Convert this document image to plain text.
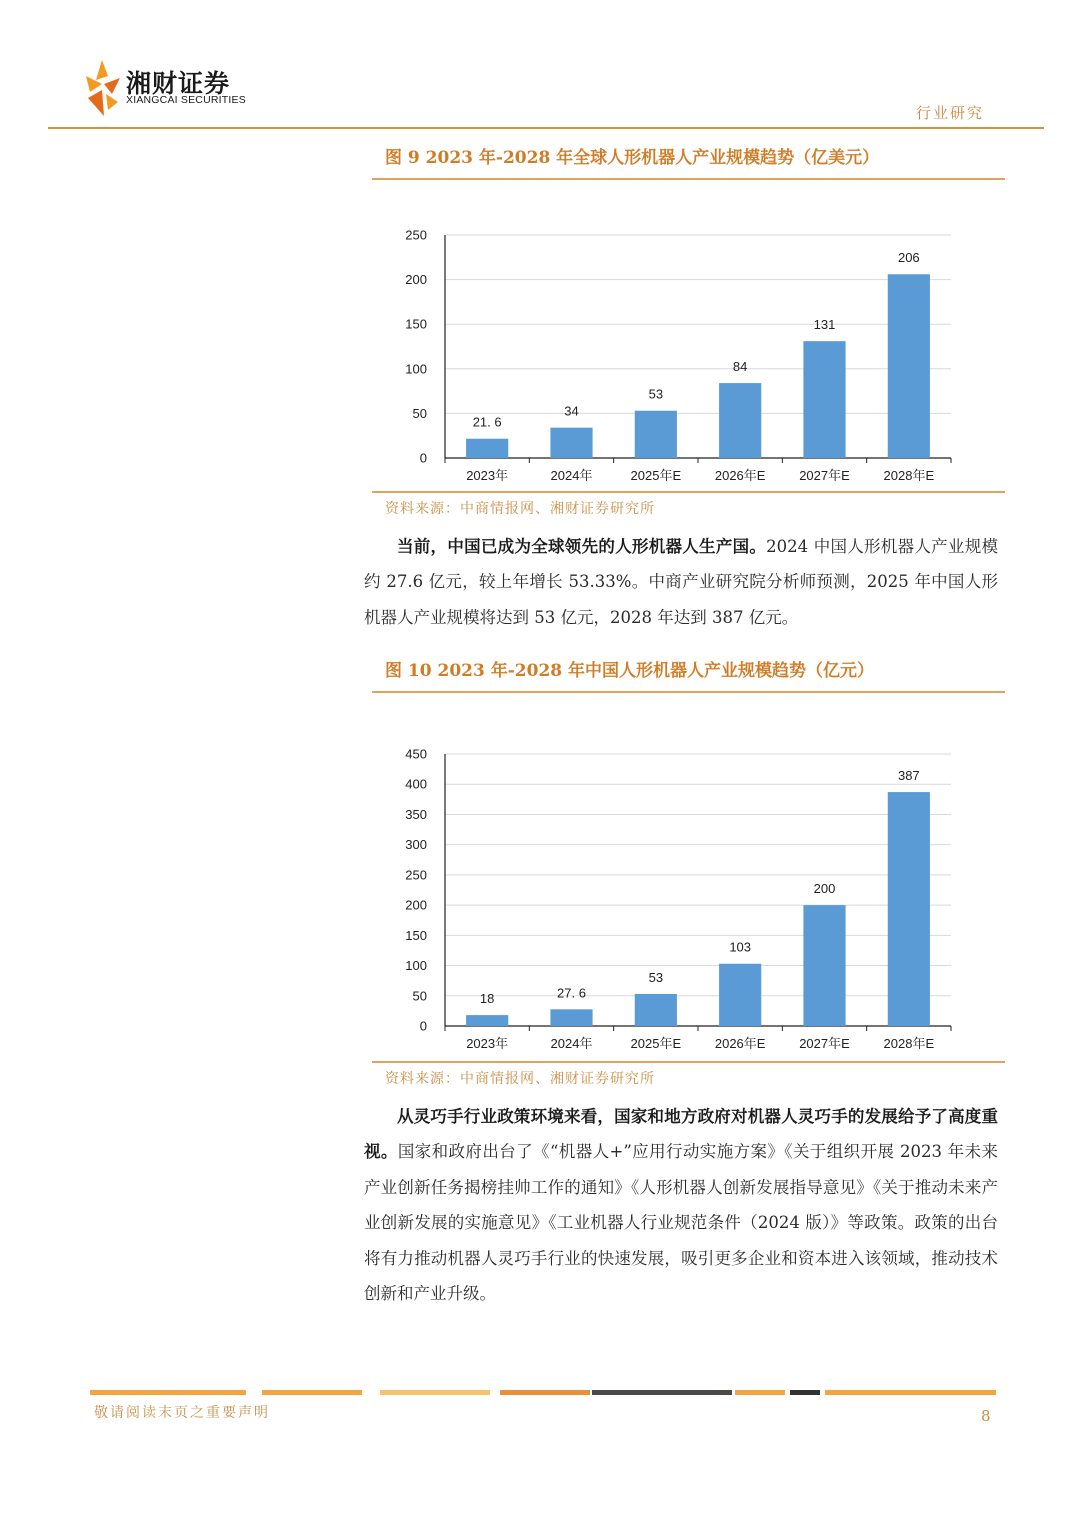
湘财证券
XIANGCAI SECURITIES
行业研究
图 9 2023 年-2028 年全球人形机器人产业规模趋势（亿美元）
0
50
100
150
200
250
21. 6
2023年
34
2024年
53
2025年E
84
2026年E
131
2027年E
206
2028年E
资料来源：中商情报网、湘财证券研究所

当前，中国已成为全球领先的人形机器人生产国。2024 中国人形机器人产业规模约 27.6 亿元，较上年增长 53.33%。中商产业研究院分析师预测，2025 年中国人形机器人产业规模将达到 53 亿元，2028 年达到 387 亿元。

图 10 2023 年-2028 年中国人形机器人产业规模趋势（亿元）
0
50
100
150
200
250
300
350
400
450
18
2023年
27. 6
2024年
53
2025年E
103
2026年E
200
2027年E
387
2028年E
资料来源：中商情报网、湘财证券研究所

从灵巧手行业政策环境来看，国家和地方政府对机器人灵巧手的发展给予了高度重视。国家和政府出台了《“机器人+”应用行动实施方案》《关于组织开展 2023 年未来产业创新任务揭榜挂帅工作的通知》《人形机器人创新发展指导意见》《关于推动未来产业创新发展的实施意见》《工业机器人行业规范条件（2024 版）》等政策。政策的出台将有力推动机器人灵巧手行业的快速发展，吸引更多企业和资本进入该领域，推动技术创新和产业升级。

敬请阅读末页之重要声明	8
